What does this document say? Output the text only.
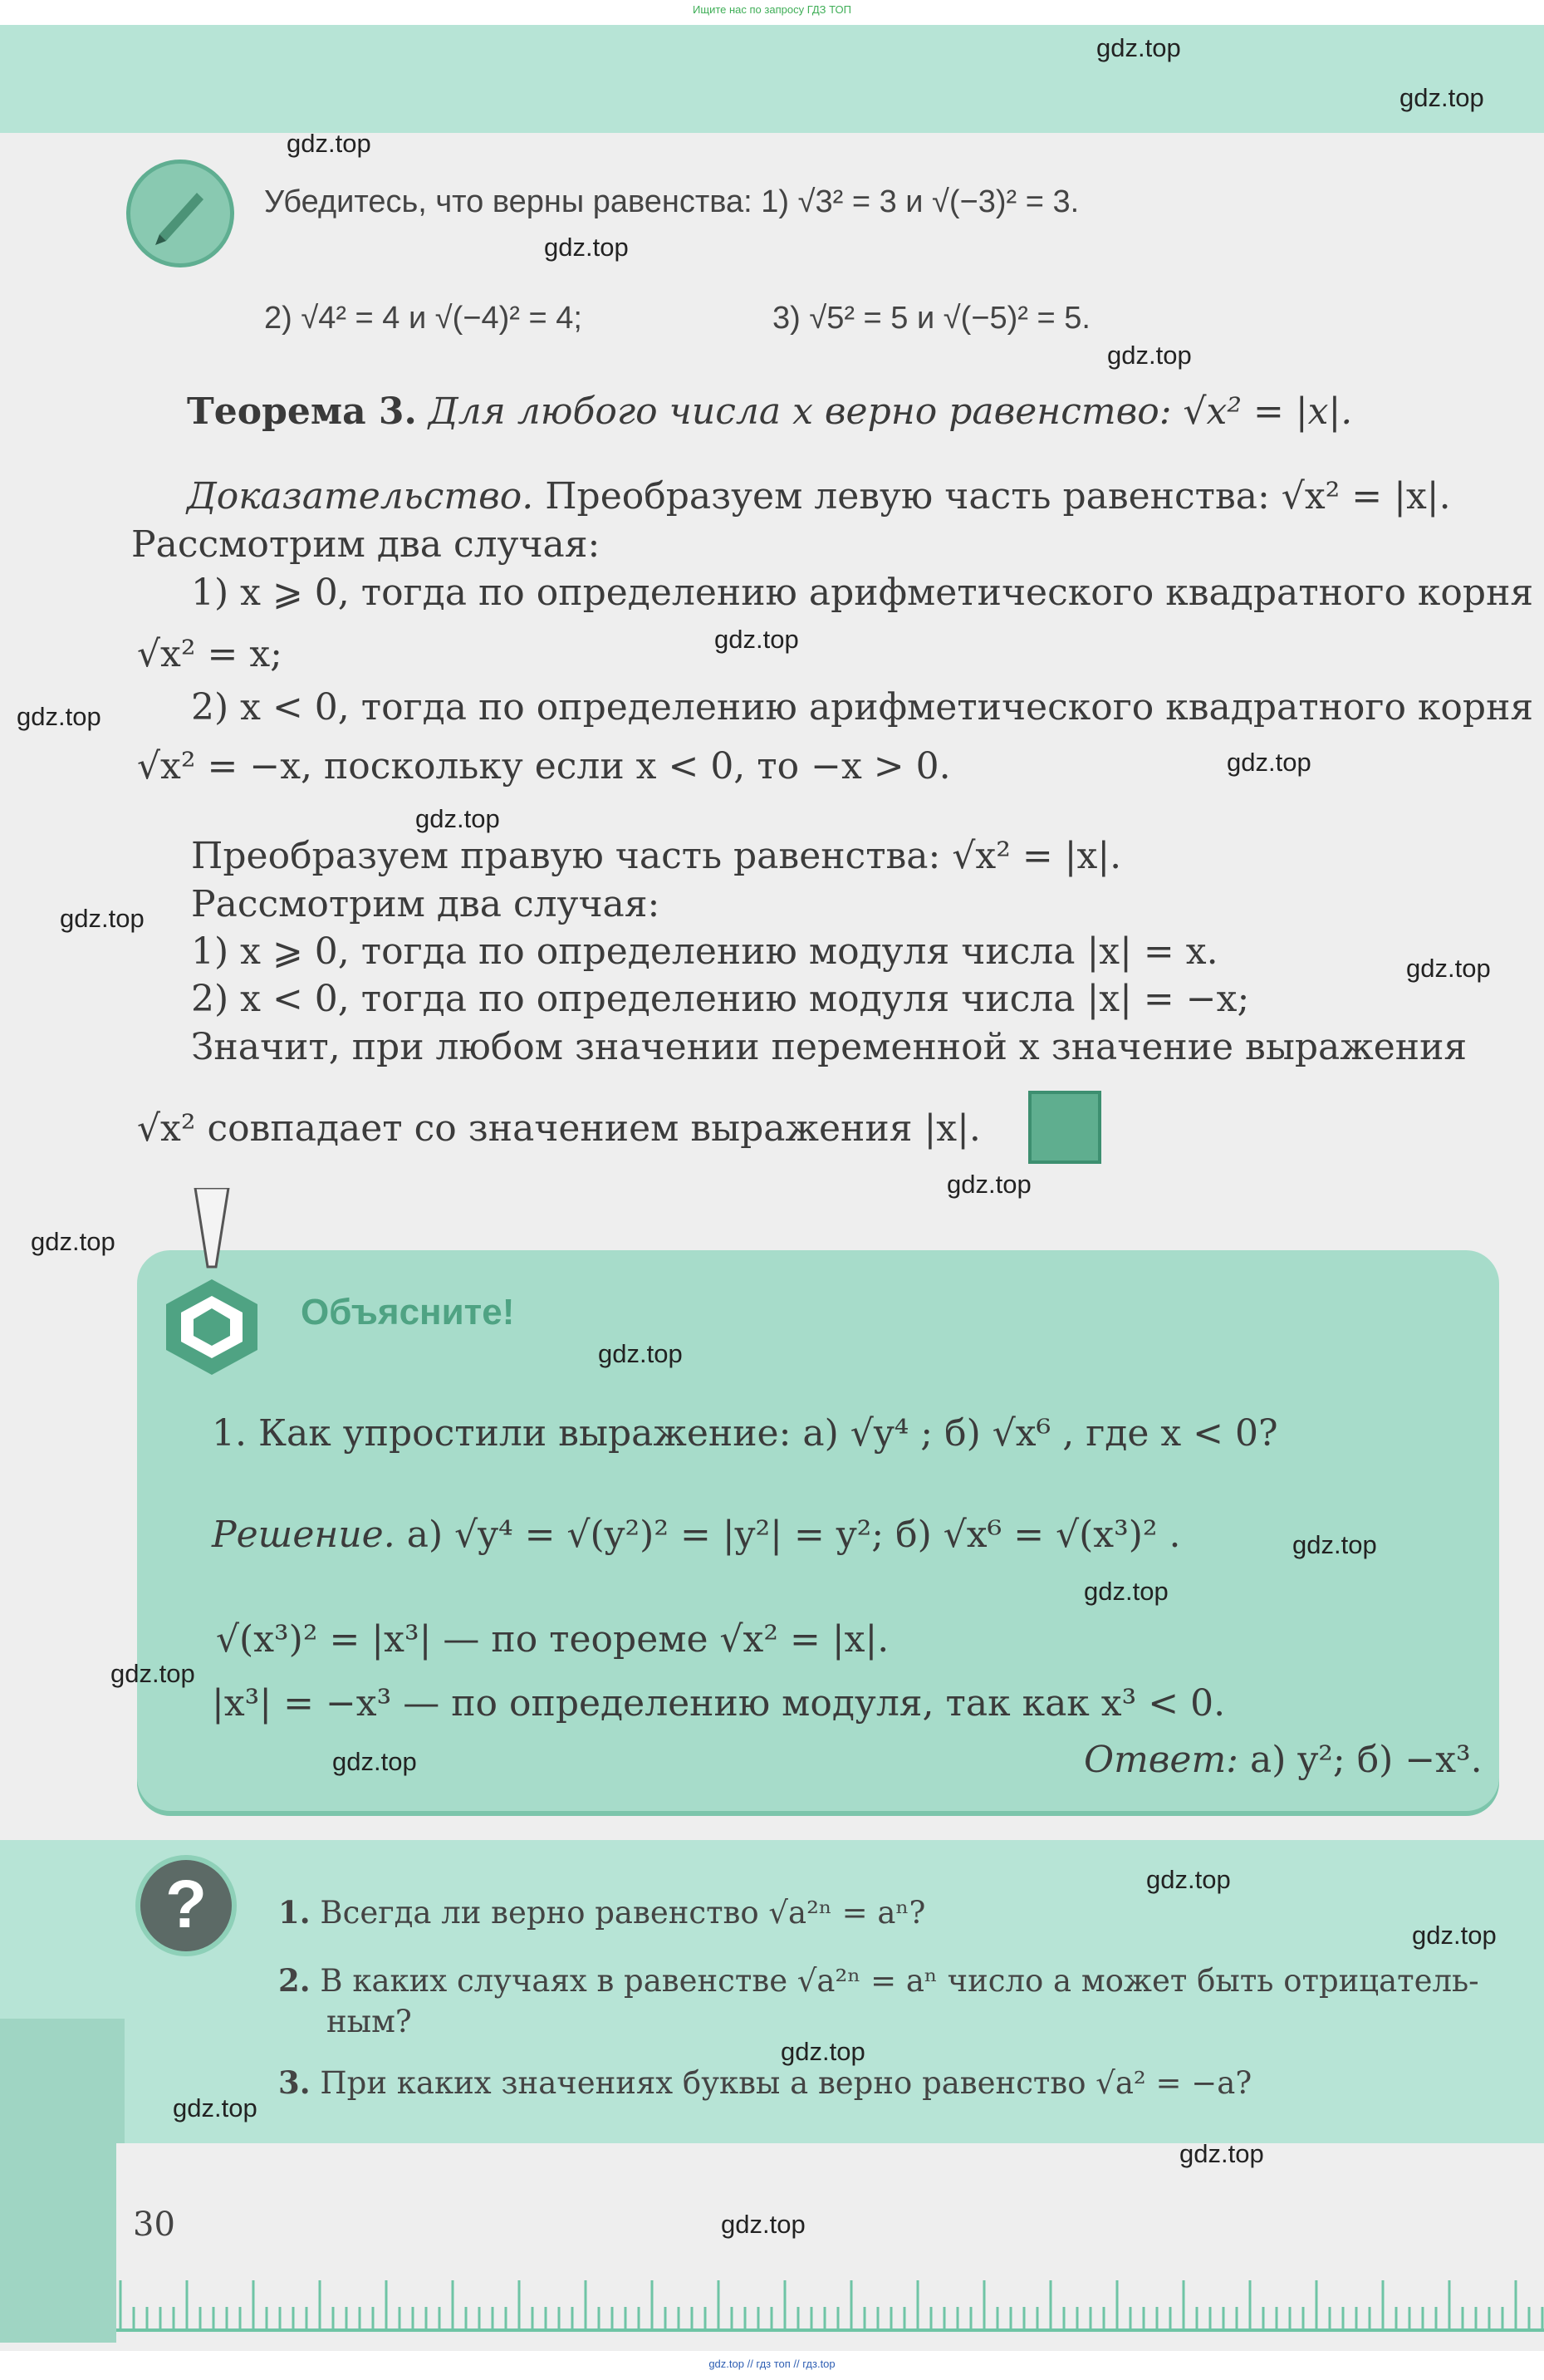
Ищите нас по запросу ГДЗ ТОП
Убедитесь, что верны равенства: 1) √3² = 3 и √(−3)² = 3.
2) √4² = 4 и √(−4)² = 4;	3) √5² = 5 и √(−5)² = 5.
Теорема 3. Для любого числа x верно равенство: √x² = |x|.
Доказательство. Преобразуем левую часть равенства: √x² = |x|.
Рассмотрим два случая:
1) x ⩾ 0, тогда по определению арифметического квадратного корня
√x² = x;
2) x < 0, тогда по определению арифметического квадратного корня
√x² = −x, поскольку если x < 0, то −x > 0.
Преобразуем правую часть равенства: √x² = |x|.
Рассмотрим два случая:
1) x ⩾ 0, тогда по определению модуля числа |x| = x.
2) x < 0, тогда по определению модуля числа |x| = −x;
Значит, при любом значении переменной x значение выражения
√x² совпадает со значением выражения |x|.
Объясните!
1. Как упростили выражение: а) √y⁴ ; б) √x⁶ , где x < 0?
Решение. а) √y⁴ = √(y²)² = |y²| = y²; б) √x⁶ = √(x³)² .
√(x³)² = |x³| — по теореме √x² = |x|.
|x³| = −x³ — по определению модуля, так как x³ < 0.
Ответ: а) y²; б) −x³.
?	1. Всегда ли верно равенство √a²ⁿ = aⁿ?
2. В каких случаях в равенстве √a²ⁿ = aⁿ число a может быть отрицатель-
ным?
3. При каких значениях буквы a верно равенство √a² = −a?
30
gdz.top
gdz.top
gdz.top
gdz.top
gdz.top
gdz.top
gdz.top
gdz.top
gdz.top
gdz.top
gdz.top
gdz.top
gdz.top
gdz.top
gdz.top
gdz.top
gdz.top
gdz.top
gdz.top
gdz.top
gdz.top
gdz.top
gdz.top
gdz.top
gdz.top // гдз топ // гдз.top
